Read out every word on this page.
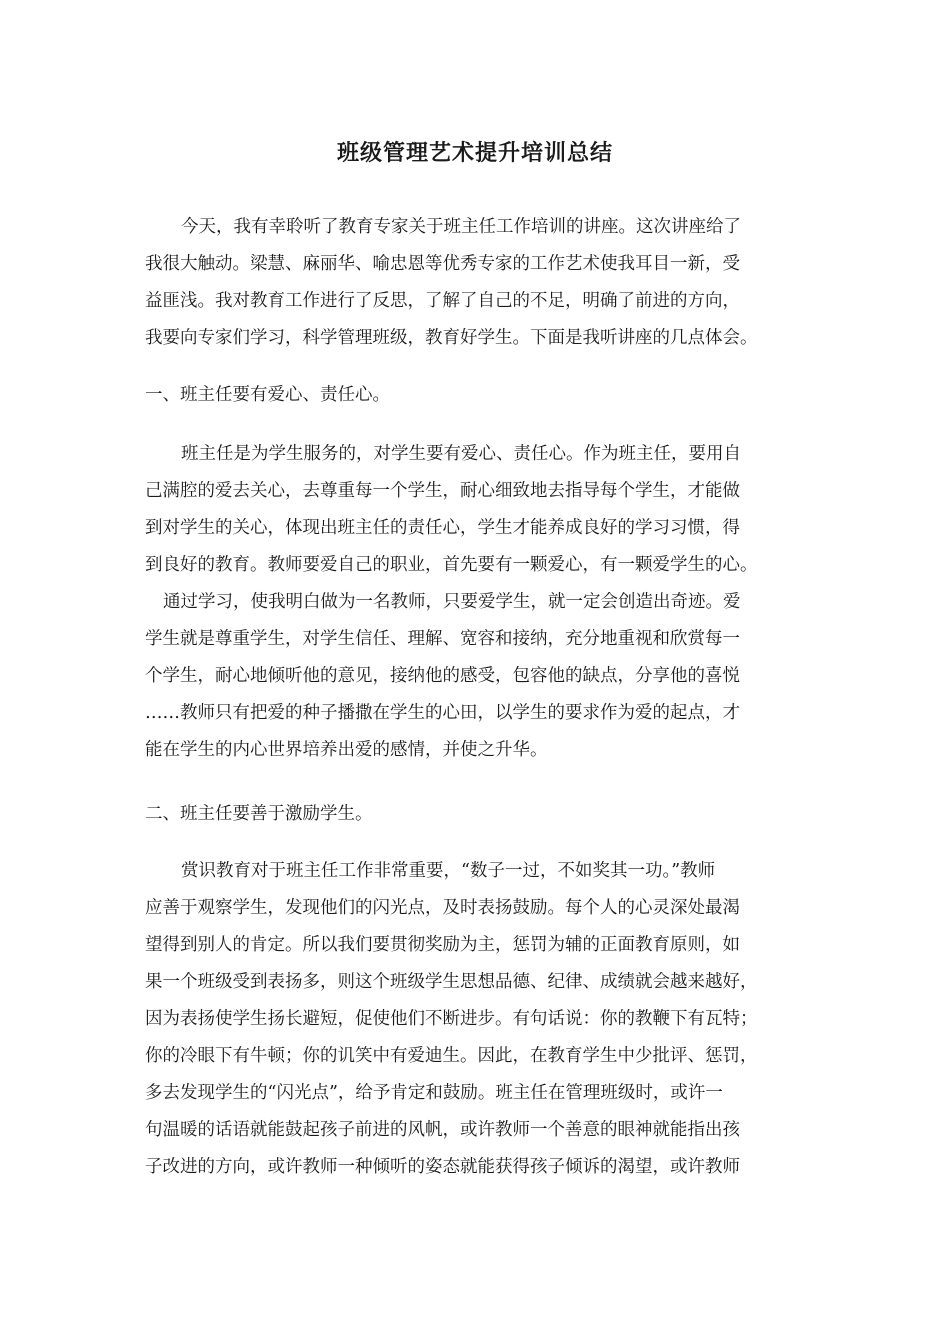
班级管理艺术提升培训总结
今天，我有幸聆听了教育专家关于班主任工作培训的讲座。这次讲座给了
我很大触动。梁慧、麻丽华、喻忠恩等优秀专家的工作艺术使我耳目一新，受
益匪浅。我对教育工作进行了反思，了解了自己的不足，明确了前进的方向，
我要向专家们学习，科学管理班级，教育好学生。下面是我听讲座的几点体会。
一、班主任要有爱心、责任心。
班主任是为学生服务的，对学生要有爱心、责任心。作为班主任，要用自
己满腔的爱去关心，去尊重每一个学生，耐心细致地去指导每个学生，才能做
到对学生的关心，体现出班主任的责任心，学生才能养成良好的学习习惯，得
到良好的教育。教师要爱自己的职业，首先要有一颗爱心，有一颗爱学生的心。
通过学习，使我明白做为一名教师，只要爱学生，就一定会创造出奇迹。爱
学生就是尊重学生，对学生信任、理解、宽容和接纳，充分地重视和欣赏每一
个学生，耐心地倾听他的意见，接纳他的感受，包容他的缺点，分享他的喜悦
……教师只有把爱的种子播撒在学生的心田，以学生的要求作为爱的起点，才
能在学生的内心世界培养出爱的感情，并使之升华。
二、班主任要善于激励学生。
赏识教育对于班主任工作非常重要，“数子一过，不如奖其一功。”教师
应善于观察学生，发现他们的闪光点，及时表扬鼓励。每个人的心灵深处最渴
望得到别人的肯定。所以我们要贯彻奖励为主，惩罚为辅的正面教育原则，如
果一个班级受到表扬多，则这个班级学生思想品德、纪律、成绩就会越来越好，
因为表扬使学生扬长避短，促使他们不断进步。有句话说：你的教鞭下有瓦特；
你的冷眼下有牛顿；你的讥笑中有爱迪生。因此，在教育学生中少批评、惩罚，
多去发现学生的“闪光点”，给予肯定和鼓励。班主任在管理班级时，或许一
句温暖的话语就能鼓起孩子前进的风帆，或许教师一个善意的眼神就能指出孩
子改进的方向，或许教师一种倾听的姿态就能获得孩子倾诉的渴望，或许教师
